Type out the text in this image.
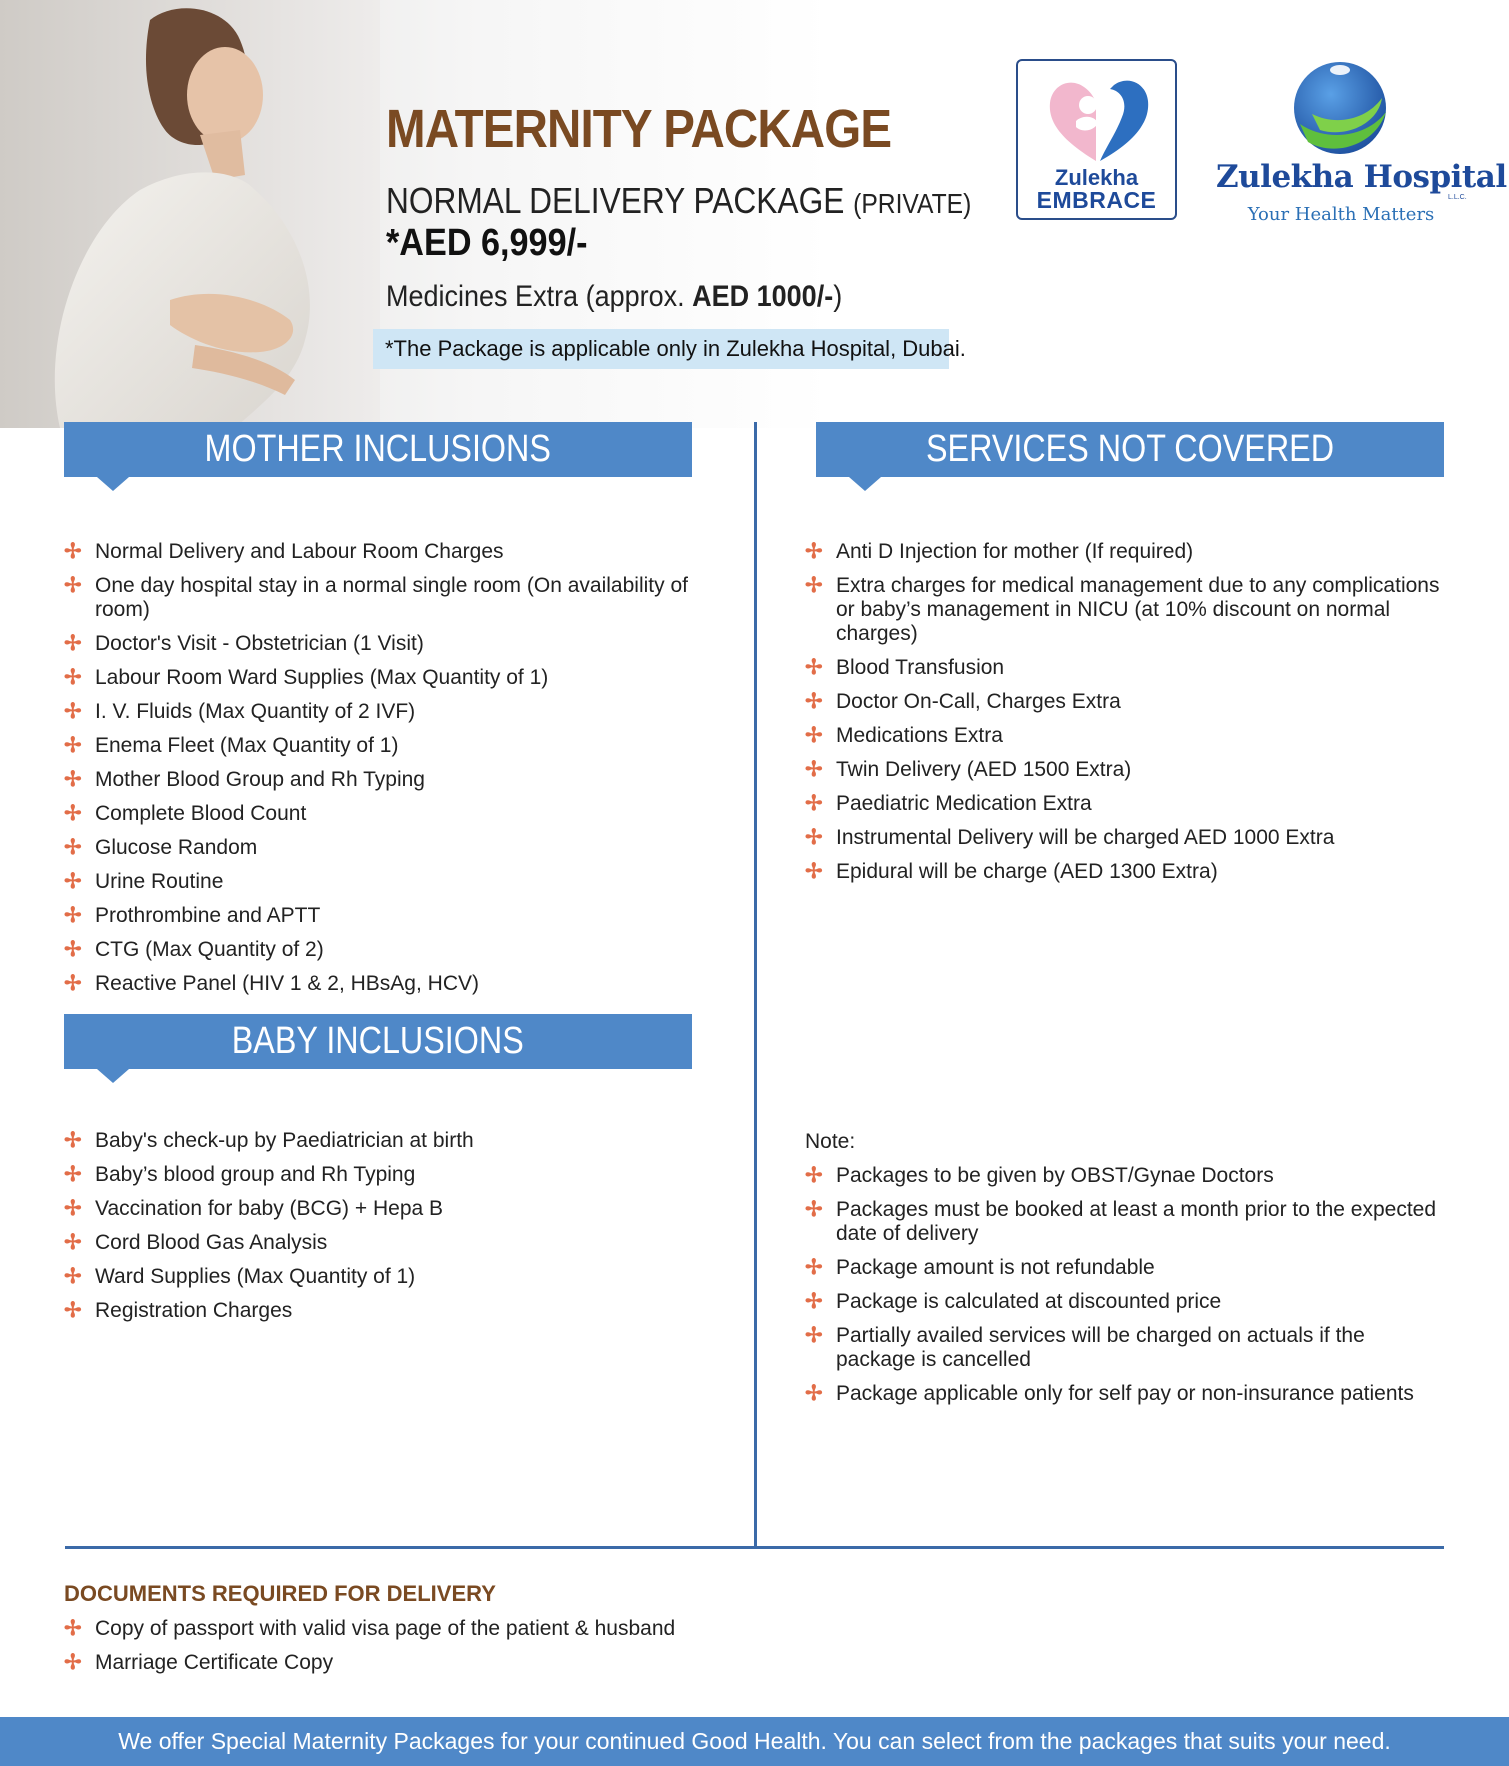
MATERNITY PACKAGE
NORMAL DELIVERY PACKAGE (PRIVATE)
*AED 6,999/-
Medicines Extra (approx. AED 1000/-)
*The Package is applicable only in Zulekha Hospital, Dubai.
Zulekha
EMBRACE
Zulekha Hospital
L.L.C.
Your Health Matters
MOTHER INCLUSIONS	SERVICES NOT COVERED
✢ Normal Delivery and Labour Room Charges
✢ One day hospital stay in a normal single room (On availability of room)
✢ Doctor's Visit - Obstetrician (1 Visit)
✢ Labour Room Ward Supplies (Max Quantity of 1)
✢ I. V. Fluids (Max Quantity of 2 IVF)
✢ Enema Fleet (Max Quantity of 1)
✢ Mother Blood Group and Rh Typing
✢ Complete Blood Count
✢ Glucose Random
✢ Urine Routine
✢ Prothrombine and APTT
✢ CTG (Max Quantity of 2)
✢ Reactive Panel (HIV 1 & 2, HBsAg, HCV)
✢ Anti D Injection for mother (If required)
✢ Extra charges for medical management due to any complications or baby’s management in NICU (at 10% discount on normal charges)
✢ Blood Transfusion
✢ Doctor On-Call, Charges Extra
✢ Medications Extra
✢ Twin Delivery (AED 1500 Extra)
✢ Paediatric Medication Extra
✢ Instrumental Delivery will be charged AED 1000 Extra
✢ Epidural will be charge (AED 1300 Extra)
BABY INCLUSIONS
✢ Baby's check-up by Paediatrician at birth
✢ Baby’s blood group and Rh Typing
✢ Vaccination for baby (BCG) + Hepa B
✢ Cord Blood Gas Analysis
✢ Ward Supplies (Max Quantity of 1)
✢ Registration Charges
Note:
✢ Packages to be given by OBST/Gynae Doctors
✢ Packages must be booked at least a month prior to the expected date of delivery
✢ Package amount is not refundable
✢ Package is calculated at discounted price
✢ Partially availed services will be charged on actuals if the package is cancelled
✢ Package applicable only for self pay or non-insurance patients
DOCUMENTS REQUIRED FOR DELIVERY
✢ Copy of passport with valid visa page of the patient & husband
✢ Marriage Certificate Copy
We offer Special Maternity Packages for your continued Good Health. You can select from the packages that suits your need.
